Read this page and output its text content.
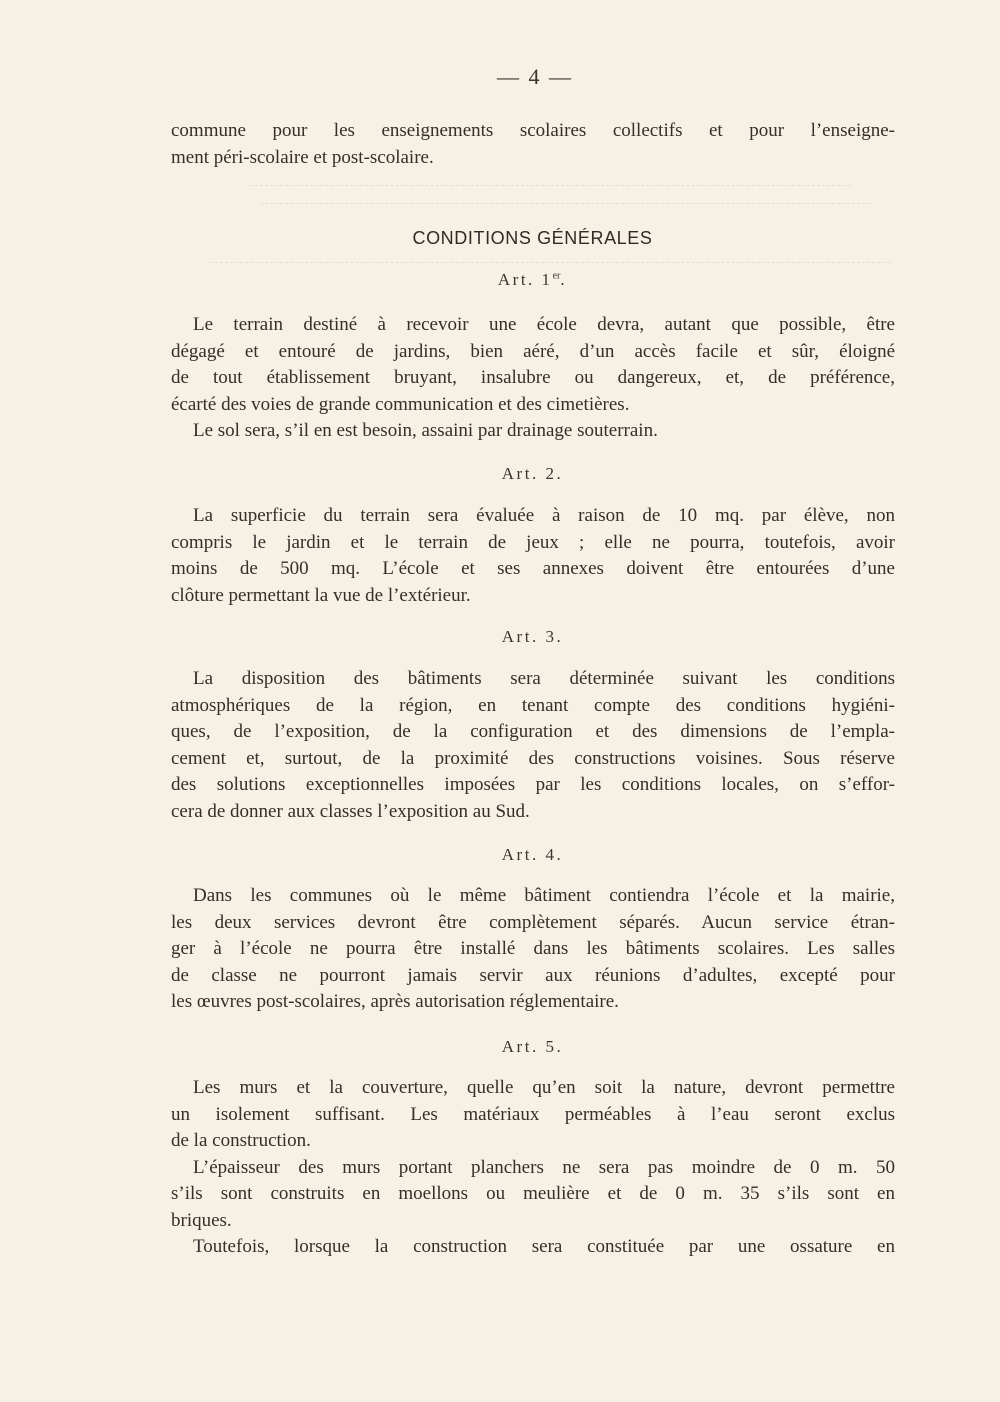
— 4 —
commune pour les enseignements scolaires collectifs et pour l’enseigne-
ment péri-scolaire et post-scolaire.
CONDITIONS GÉNÉRALES
Art. 1er.
Le terrain destiné à recevoir une école devra, autant que possible, être
dégagé et entouré de jardins, bien aéré, d’un accès facile et sûr, éloigné
de tout établissement bruyant, insalubre ou dangereux, et, de préférence,
écarté des voies de grande communication et des cimetières.
Le sol sera, s’il en est besoin, assaini par drainage souterrain.
Art. 2.
La superficie du terrain sera évaluée à raison de 10 mq. par élève, non
compris le jardin et le terrain de jeux ; elle ne pourra, toutefois, avoir
moins de 500 mq. L’école et ses annexes doivent être entourées d’une
clôture permettant la vue de l’extérieur.
Art. 3.
La disposition des bâtiments sera déterminée suivant les conditions
atmosphériques de la région, en tenant compte des conditions hygiéni-
ques, de l’exposition, de la configuration et des dimensions de l’empla-
cement et, surtout, de la proximité des constructions voisines. Sous réserve
des solutions exceptionnelles imposées par les conditions locales, on s’effor-
cera de donner aux classes l’exposition au Sud.
Art. 4.
Dans les communes où le même bâtiment contiendra l’école et la mairie,
les deux services devront être complètement séparés. Aucun service étran-
ger à l’école ne pourra être installé dans les bâtiments scolaires. Les salles
de classe ne pourront jamais servir aux réunions d’adultes, excepté pour
les œuvres post-scolaires, après autorisation réglementaire.
Art. 5.
Les murs et la couverture, quelle qu’en soit la nature, devront permettre
un isolement suffisant. Les matériaux perméables à l’eau seront exclus
de la construction.
L’épaisseur des murs portant planchers ne sera pas moindre de 0 m. 50
s’ils sont construits en moellons ou meulière et de 0 m. 35 s’ils sont en
briques.
Toutefois, lorsque la construction sera constituée par une ossature en
